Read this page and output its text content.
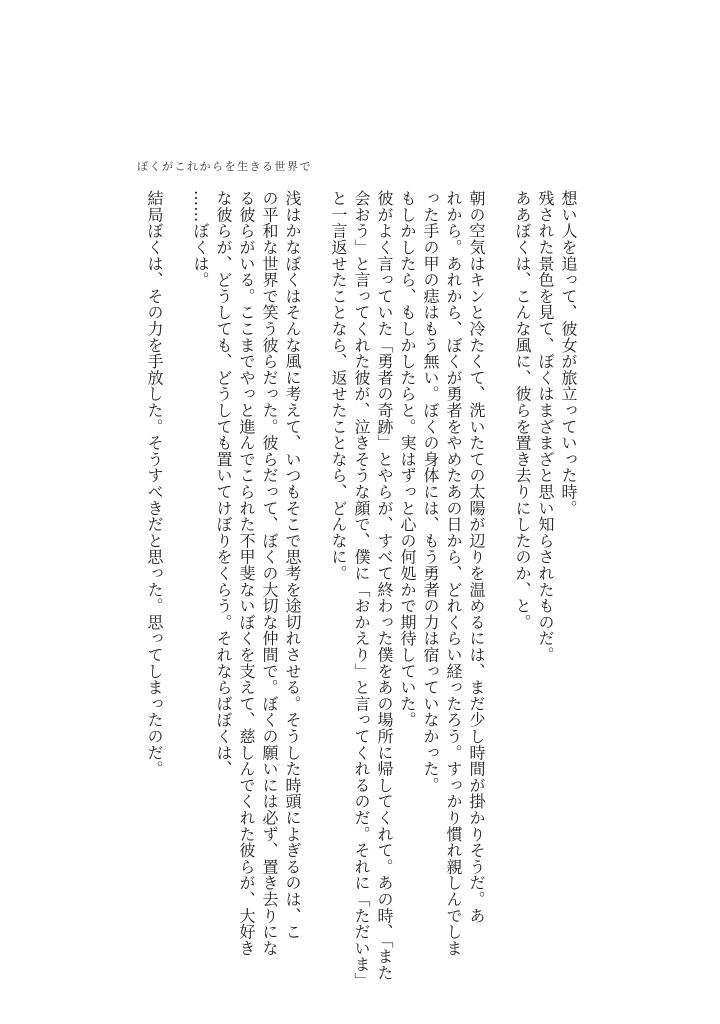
ぼくがこれからを生きる世界で

想い人を追って、彼女が旅立っていった時。

残された景色を見て、ぼくはまざまざと思い知らされたものだ。

ああぼくは、こんな風に、彼らを置き去りにしたのか、と。

朝の空気はキンと冷たくて、洗いたての太陽が辺りを温めるには、まだ少し時間が掛かりそうだ。あ

れから。あれから、ぼくが勇者をやめたあの日から、どれくらい経ったろう。すっかり慣れ親しんでしま

った手の甲の痣はもう無い。ぼくの身体には、もう勇者の力は宿っていなかった。

もしかしたら、もしかしたらと。実はずっと心の何処かで期待していた。

彼がよく言っていた「勇者の奇跡」とやらが、すべて終わった僕をあの場所に帰してくれて。あの時、「また

会おう」と言ってくれた彼が、泣きそうな顔で、僕に「おかえり」と言ってくれるのだ。それに「ただいま」

と一言返せたことなら、返せたことなら、どんなに。

浅はかなぼくはそんな風に考えて、いつもそこで思考を途切れさせる。そうした時頭によぎるのは、こ

の平和な世界で笑う彼らだった。彼らだって、ぼくの大切な仲間で。ぼくの願いには必ず、置き去りにな

る彼らがいる。ここまでやっと進んでこられた不甲斐ないぼくを支えて、慈しんでくれた彼らが、大好き

な彼らが、どうしても、どうしても置いてけぼりをくらう。それならばぼくは、

……ぼくは。

結局ぼくは、その力を手放した。そうすべきだと思った。思ってしまったのだ。
